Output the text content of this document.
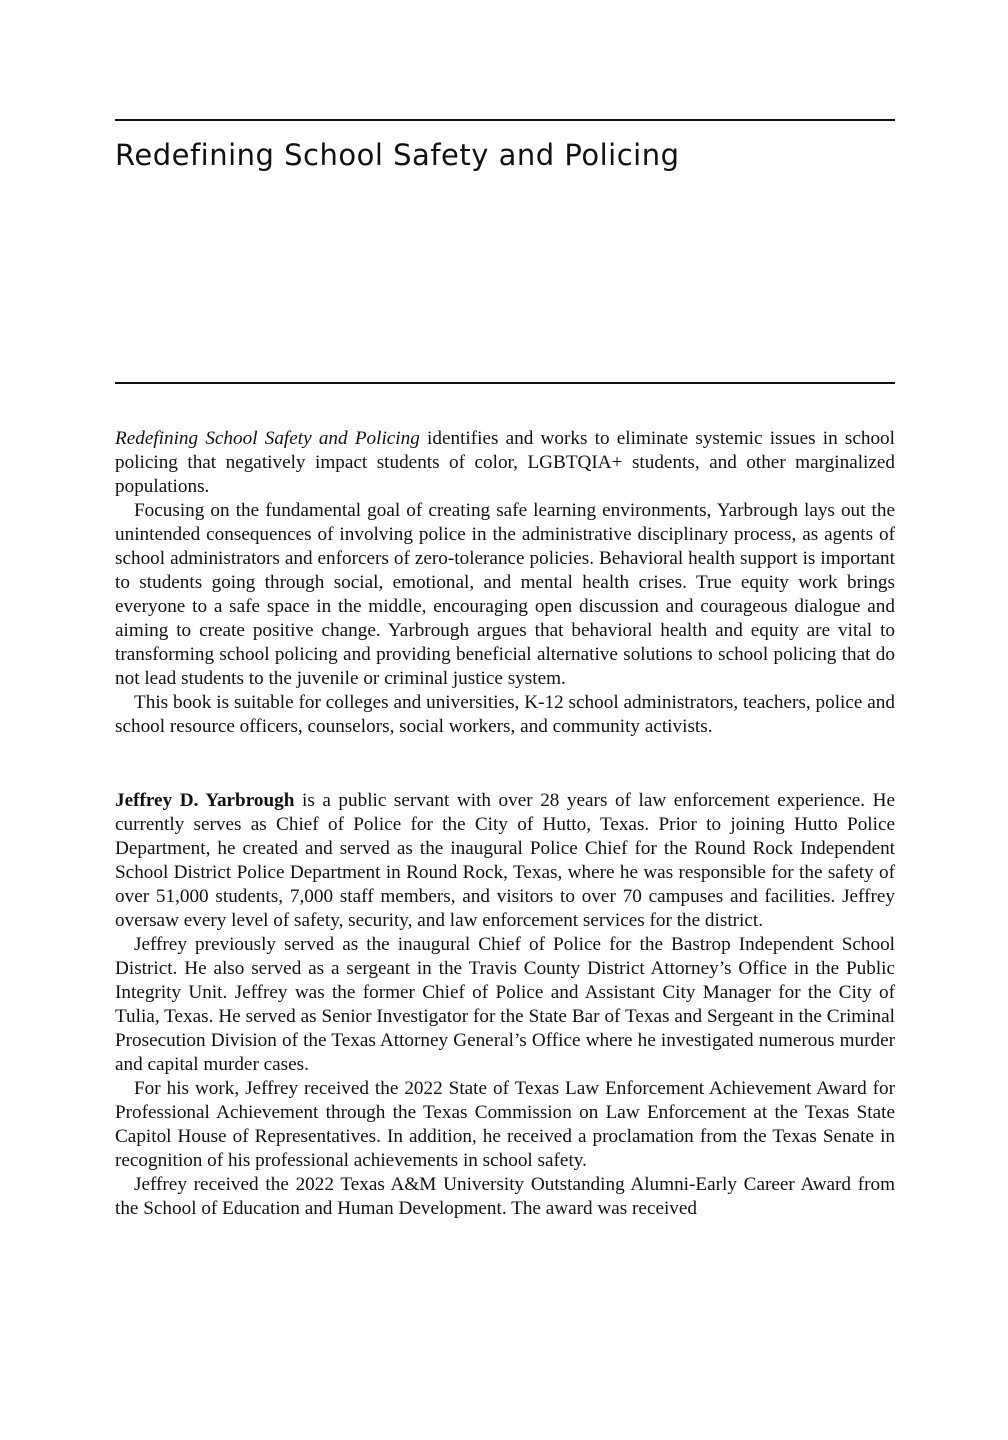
Redefining School Safety and Policing

Redefining School Safety and Policing identifies and works to eliminate systemic issues in school policing that negatively impact students of color, LGBTQIA+ students, and other marginalized populations.

Focusing on the fundamental goal of creating safe learning environments, Yarbrough lays out the unintended consequences of involving police in the administrative disciplinary process, as agents of school administrators and enforcers of zero-tolerance policies. Behavioral health support is important to students going through social, emotional, and mental health crises. True equity work brings everyone to a safe space in the middle, encouraging open discussion and courageous dialogue and aiming to create positive change. Yarbrough argues that behavioral health and equity are vital to transforming school policing and providing beneficial alternative solutions to school policing that do not lead students to the juvenile or criminal justice system.

This book is suitable for colleges and universities, K-12 school administrators, teachers, police and school resource officers, counselors, social workers, and community activists.

Jeffrey D. Yarbrough is a public servant with over 28 years of law enforcement experience. He currently serves as Chief of Police for the City of Hutto, Texas. Prior to joining Hutto Police Department, he created and served as the inaugural Police Chief for the Round Rock Independent School District Police Department in Round Rock, Texas, where he was responsible for the safety of over 51,000 students, 7,000 staff members, and visitors to over 70 campuses and facilities. Jeffrey oversaw every level of safety, security, and law enforcement services for the district.

Jeffrey previously served as the inaugural Chief of Police for the Bastrop Independent School District. He also served as a sergeant in the Travis County District Attorney’s Office in the Public Integrity Unit. Jeffrey was the former Chief of Police and Assistant City Manager for the City of Tulia, Texas. He served as Senior Investigator for the State Bar of Texas and Sergeant in the Criminal Prosecution Division of the Texas Attorney General’s Office where he investigated numerous murder and capital murder cases.

For his work, Jeffrey received the 2022 State of Texas Law Enforcement Achievement Award for Professional Achievement through the Texas Commission on Law Enforcement at the Texas State Capitol House of Representatives. In addition, he received a proclamation from the Texas Senate in recognition of his professional achievements in school safety.

Jeffrey received the 2022 Texas A&M University Outstanding Alumni-Early Career Award from the School of Education and Human Development. The award was received
